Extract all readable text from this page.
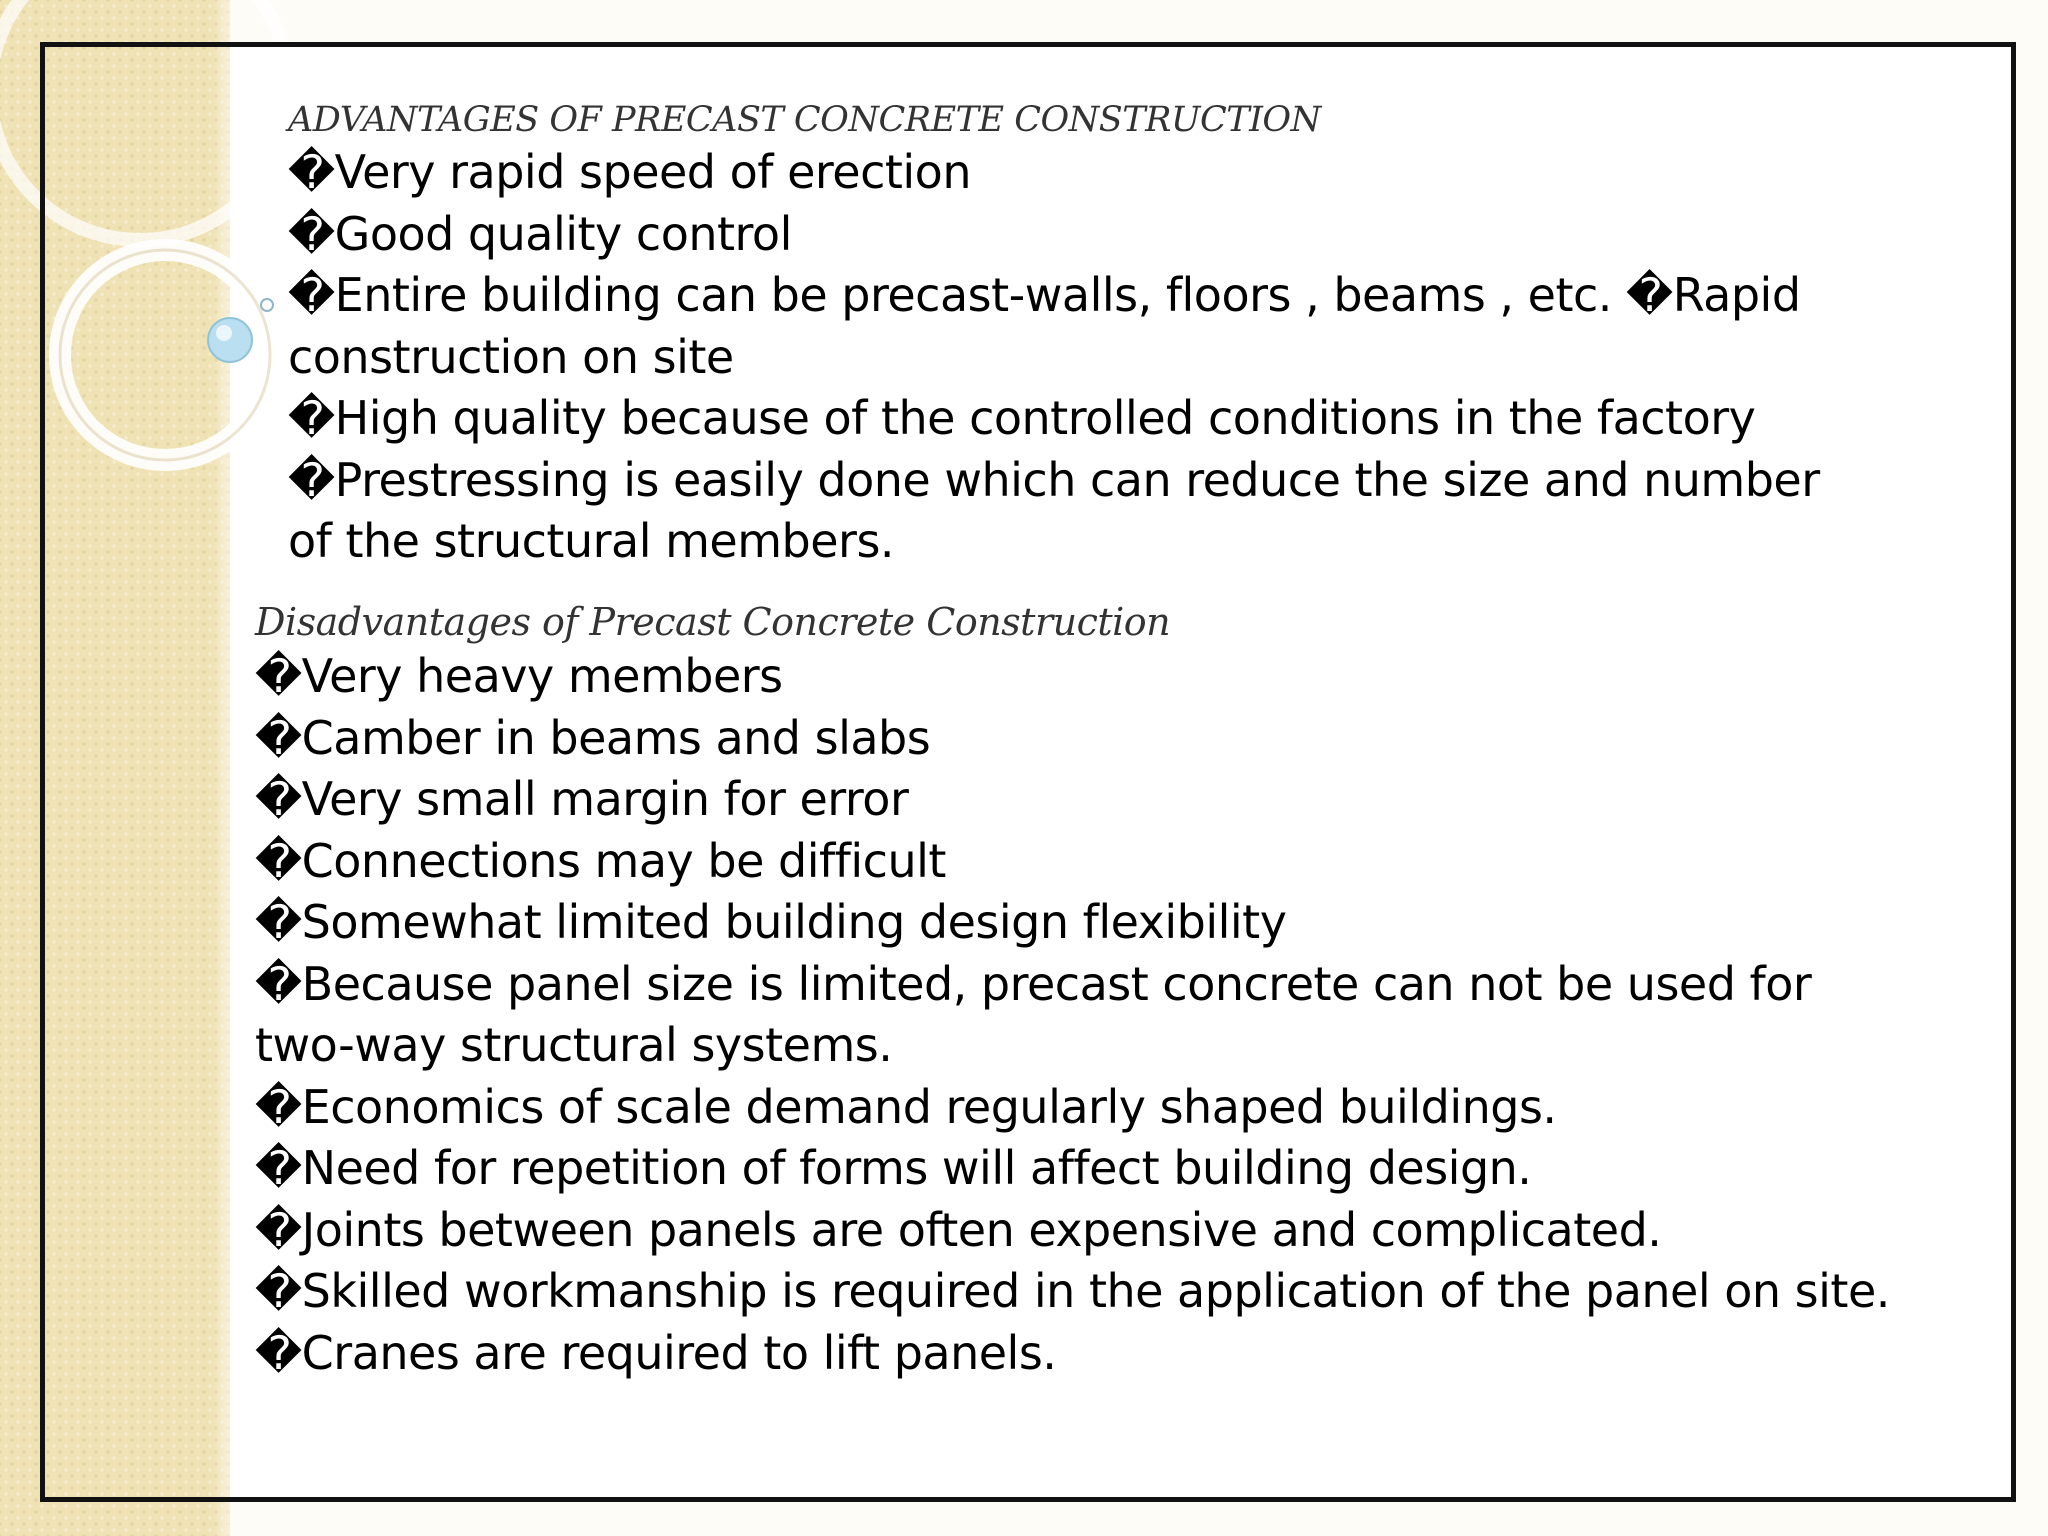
ADVANTAGES OF PRECAST CONCRETE CONSTRUCTION

�Very rapid speed of erection

�Good quality control

�Entire building can be precast-walls, floors , beams , etc. �Rapid

construction on site

�High quality because of the controlled conditions in the factory

�Prestressing is easily done which can reduce the size and number

of the structural members.

Disadvantages of Precast Concrete Construction

�Very heavy members

�Camber in beams and slabs

�Very small margin for error

�Connections may be difficult

�Somewhat limited building design flexibility

�Because panel size is limited, precast concrete can not be used for

two-way structural systems.

�Economics of scale demand regularly shaped buildings.

�Need for repetition of forms will affect building design.

�Joints between panels are often expensive and complicated.

�Skilled workmanship is required in the application of the panel on site.

�Cranes are required to lift panels.
